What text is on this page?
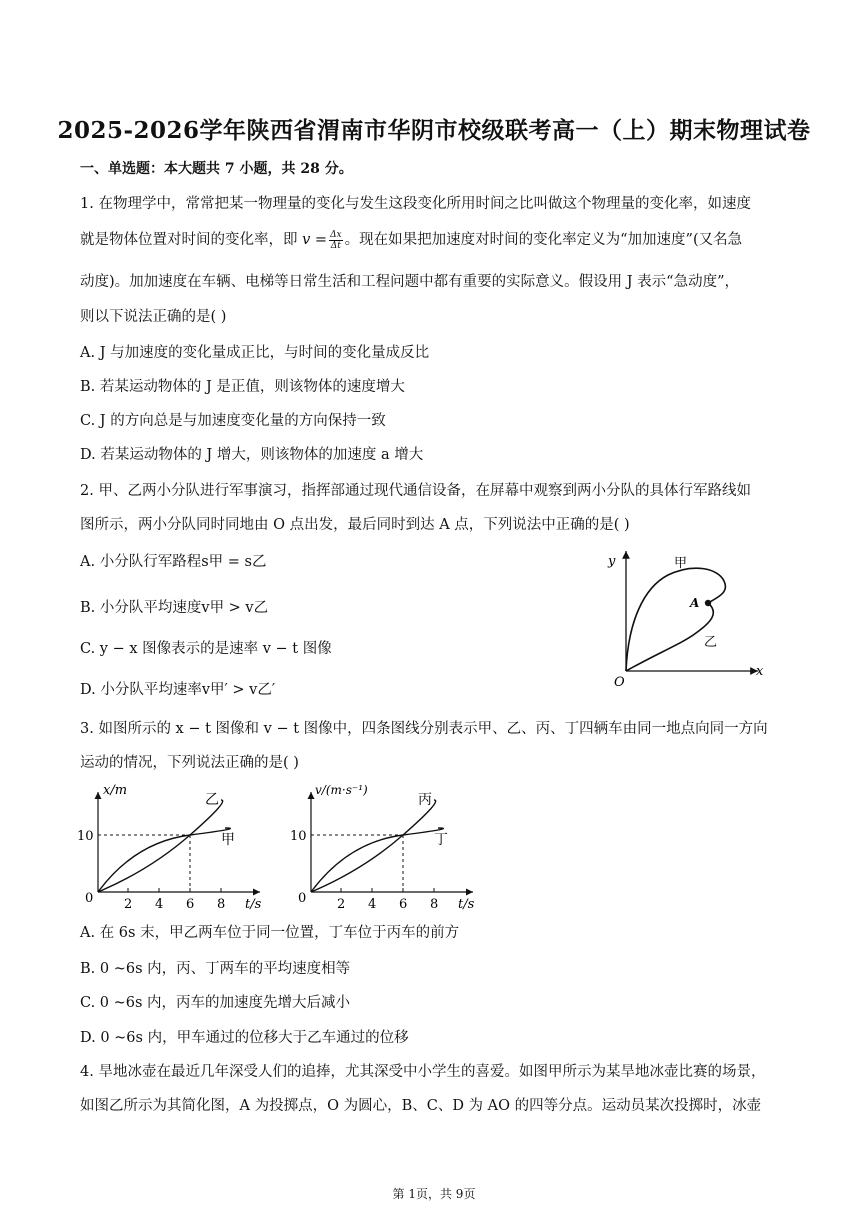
2025-2026学年陕西省渭南市华阴市校级联考高一（上）期末物理试卷
一、单选题：本大题共 7 小题，共 28 分。
1. 在物理学中，常常把某一物理量的变化与发生这段变化所用时间之比叫做这个物理量的变化率，如速度
就是物体位置对时间的变化率，即 $v = \frac{\Delta x}{\Delta t}$ 。现在如果把加速度对时间的变化率定义为“加加速度”(又名急
动度)。加加速度在车辆、电梯等日常生活和工程问题中都有重要的实际意义。假设用 J 表示“急动度”，
则以下说法正确的是( )
A. J 与加速度的变化量成正比，与时间的变化量成反比
B. 若某运动物体的 J 是正值，则该物体的速度增大
C. J 的方向总是与加速度变化量的方向保持一致
D. 若某运动物体的 J 增大，则该物体的加速度 a 增大
2. 甲、乙两小分队进行军事演习，指挥部通过现代通信设备，在屏幕中观察到两小分队的具体行军路线如
图所示，两小分队同时同地由 O 点出发，最后同时到达 A 点，下列说法中正确的是( )
A. 小分队行军路程s甲 = s乙
B. 小分队平均速度v甲 > v乙
C. y − x 图像表示的是速率 v − t 图像
D. 小分队平均速率v甲′ > v乙′
y
x
O
甲
乙
A
3. 如图所示的 x − t 图像和 v − t 图像中，四条图线分别表示甲、乙、丙、丁四辆车由同一地点向同一方向
运动的情况，下列说法正确的是( )
x/m
t/s
10
0 2 4 6 8
乙
甲
v/(m·s⁻¹)
t/s
10
0 2 4 6 8
丙
丁
A. 在 6s 末，甲乙两车位于同一位置，丁车位于丙车的前方
B. 0 ~6s 内，丙、丁两车的平均速度相等
C. 0 ~6s 内，丙车的加速度先增大后减小
D. 0 ~6s 内，甲车通过的位移大于乙车通过的位移
4. 旱地冰壶在最近几年深受人们的追捧，尤其深受中小学生的喜爱。如图甲所示为某旱地冰壶比赛的场景，
如图乙所示为其简化图，A 为投掷点，O 为圆心，B、C、D 为 AO 的四等分点。运动员某次投掷时，冰壶
第 1页，共 9页
